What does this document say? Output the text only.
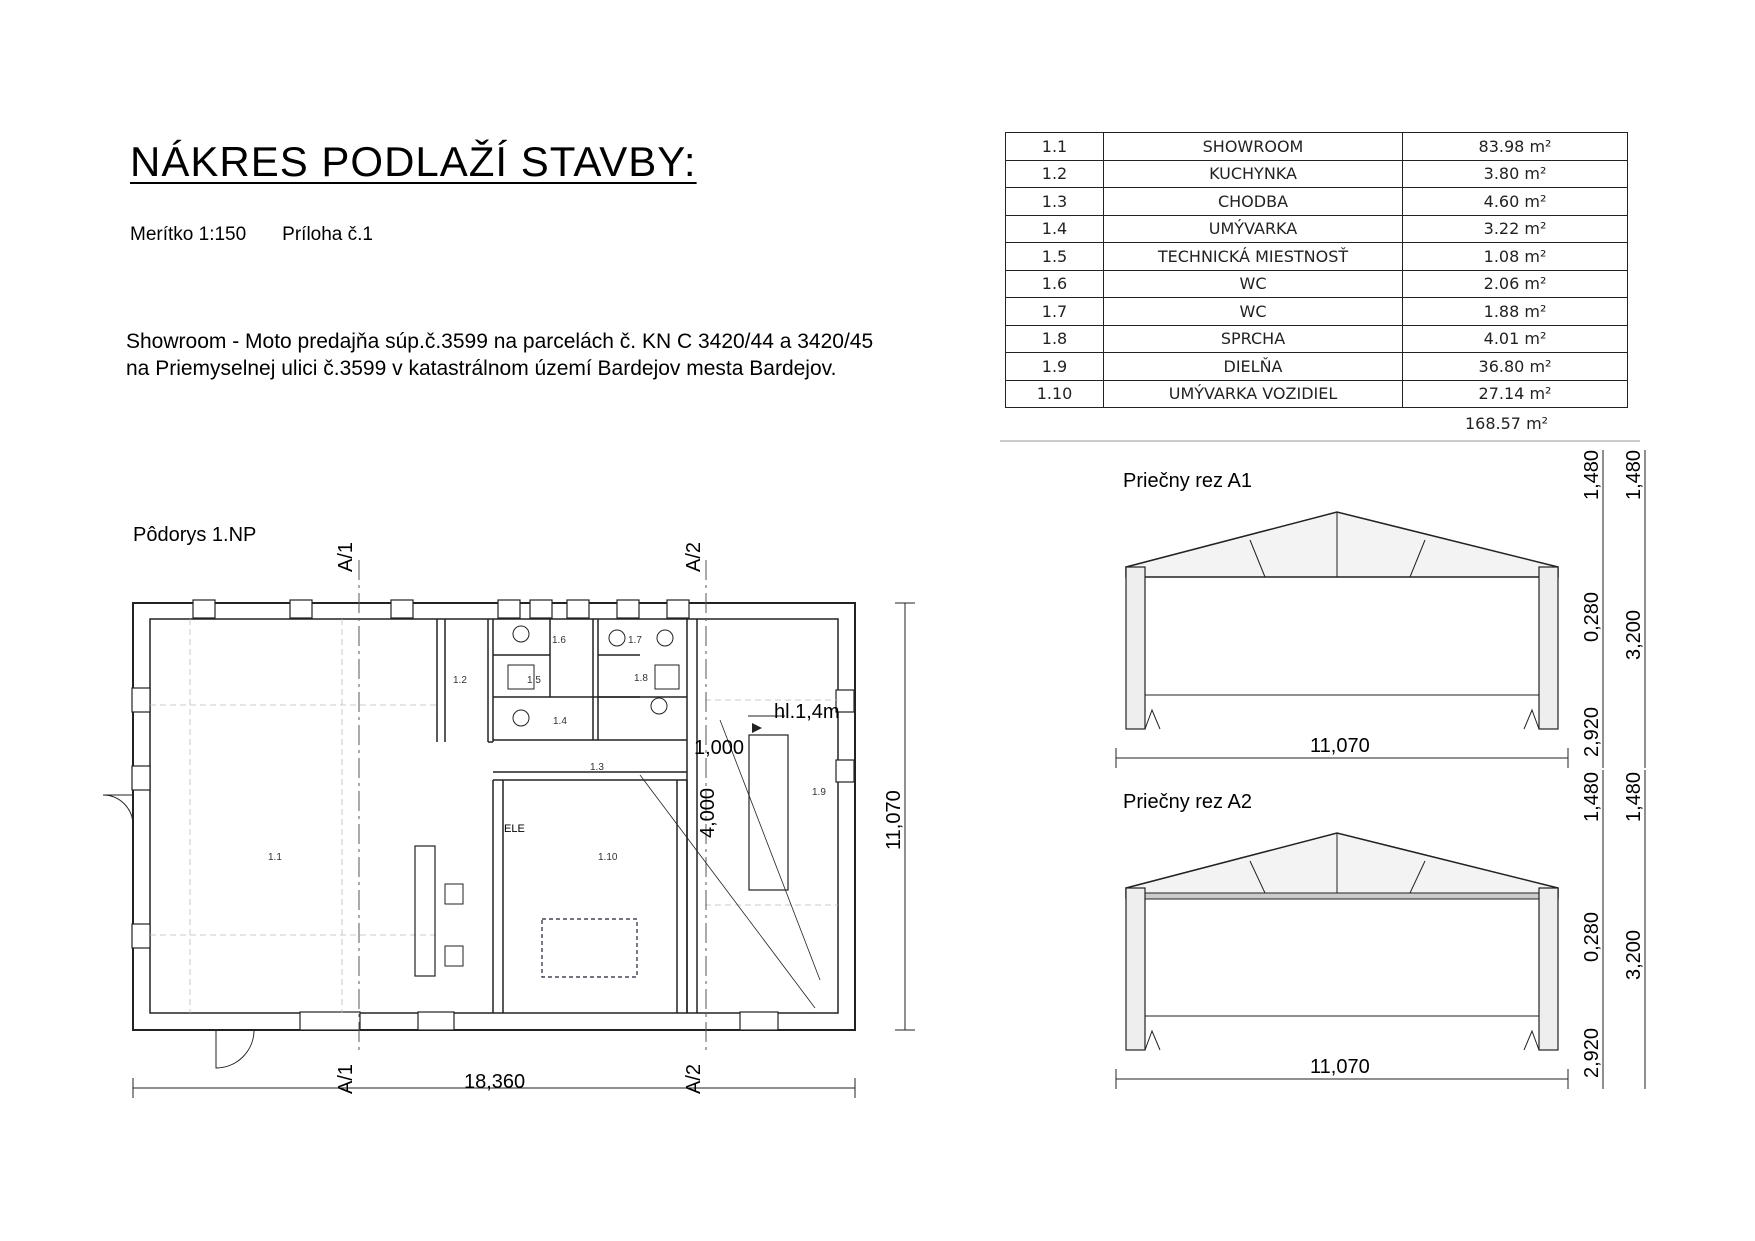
NÁKRES PODLAŽÍ STAVBY:
Merítko 1:150 Príloha č.1
Showroom - Moto predajňa súp.č.3599 na parcelách č. KN C 3420/44 a 3420/45
na Priemyselnej ulici č.3599 v katastrálnom území Bardejov mesta Bardejov.
1.1	SHOWROOM	83.98 m²	
1.2	KUCHYNKA	3.80 m²	
1.3	CHODBA	4.60 m²	
1.4	UMÝVARKA	3.22 m²	
1.5	TECHNICKÁ MIESTNOSŤ	1.08 m²	
1.6	WC	2.06 m²	
1.7	WC	1.88 m²	
1.8	SPRCHA	4.01 m²	
1.9	DIELŇA	36.80 m²	
1.10	UMÝVARKA VOZIDIEL	27.14 m²	
168.57 m²
Pôdorys 1.NP
Priečny rez A1
Priečny rez A2
18,360
11,070
A/1	A/2
A/1	A/2
hl.1,4m
1,000
4,000
ELE
1.1
1.2
1.3
1.4
1.5
1.6	1.7
1.8
1.9
1.10
11,070
1,480
0,280
2,920
1,480
3,200
11,070
1,480
0,280
2,920
1,480
3,200
